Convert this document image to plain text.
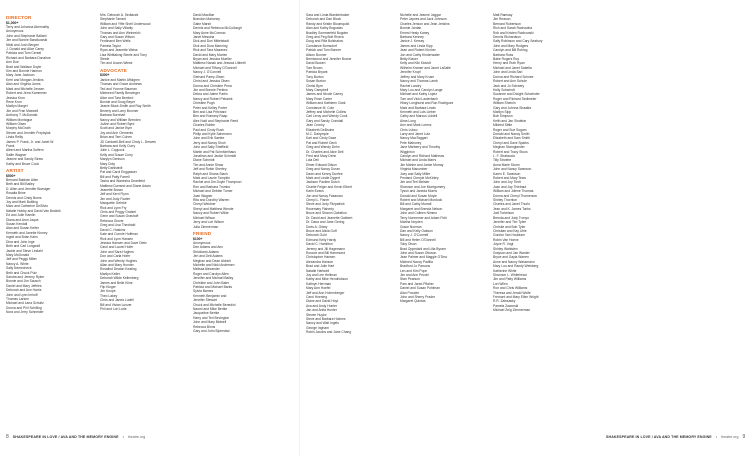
DIRECTOR
$1,000+
Terry and Johanna Abernathy
Anonymous
John and Stephanie Ballard
Jim and Bonnie Bandkowski
Nikki and Josh Bergen
J. Donald and Alice Carey
Patricia and Tom Cereal
Richard and Barbara Donahue
Ann Doe
Brad and Wallace Doyle
Kim and Bonnie Harmon
Mary Jane Jackson
Kerri and Morgan Jenkins
Alan and Virginia Jones
Mark and Michelle Jensen
Robert and Jerra Kammeier
Jessica Kron
Rene Kron
Marilyn Margel
Jim and Fran Maxwell
Anthony T. McDonald
William Montague
William Olsen
Murphy McGrath
Steven and Jennifer Przybylak
Linda Reilly
James P. Frank, Jr. and Janet W.
Frank
Albert and Martha Suffern
Sallie Wagner
Jeanne and Sandy Straw
Kathy and Bruce Cook
ARTIST
$500+
Bernard Baldwin Allen
Beth and Bill Bailey
D. Allen and Jennifer Boesiger
Rosalia Brine
Dennis and Cindy Burns
Joy and Mark Buttling
Marc and Catherine DeSilvio
Natalie Hobby and David Van Buskirk
Ed and Julie Hamlin
Diana and Aron Jaque
Susan Kendall
Alan and Susan Keifer
Kenneth and Janette Kinney
Ingrid and Brian Kahn
Dina and John Inge
Beth and Carl Longwell
Jackie and Steve Lindahl
Mary McDonald
Jeff and Peggy Miller
Nancy A. White
Sally Nemecheck
Beth and Chuck Pulz
Sandra and Jeremy Ryker
Bonnie and Jim Sausch
Daniel and Mary Jeffries
Deborah and Ann Harris
John and Lynn Imhoff
Thomas Larsen
Michael and Lana Schultz
Donna and Phil Schilling
Nora and Jerry Schneider
Mrs. Deborah A. Sedlacek
Stephanie Tarrant
William and Yffie Shell Underwood
John and Sally Villarily
Thomas and Ann Weinreich
Gary and Susan Wilson
Ferdinand Ben Wells
Pamela Taylor
Ryan and Jeanette Weiss
Lisa Whittaking Steele and Tony
Steele
Tim and Lisann Wiese
ADVOCATE
$300+
Janice and Martin Affolgren
Thomas and Grace Andrews
Ted and Yvonne Bauman
Midmeed Family Benzinger
Alice and Tara Benford
Bonnie and Doug Beyer
Jeanie Bluck-Smith and Ray Smith
Beverly and Larry Bronner
Barbara Burnhart
Nancy and William Brenden
JoAnn and Robert Byrd
Scott and Janice Byrn
Joy and Ann Clements
Brian and Terri Cohen
JD Cardwell-Bell and Cindy L. Drewek
Barbara and Kelly Curry
Julie L. Coppock
Kelly and Susan Curry
Marylyn Denison
Mary Doty
Betty Dahlstedt
Pat and Carol Enggasser
Bill and Patty Farrell
Tasha and Wanesha Deanfield
Matthew Durrand and Diane Adam
Jeanette Brown
Jeff and Kerri Flynn
Jim and Judy Fowler
Marquette Gehrke
Rick and Lynn Fry
Chris and Peggy Gratzel
Gene and Susan Grashoff
Rebecca Glover
Greg and Lisa Theobald
David C. Haskins
Kate and Connie Hoffman
Rick and Lynn Hansen
Jessica Hansen and Dave Dietz
Carol and Laurel Hofer
John and Sara Hughes
Don and Carla Hofer
John and Wendy Hughes
Allan and Mary Hunder
Rosalind Deaton Keating
Marilyn Keller
Deborah Wilde Kellenberg
James and Belle Kline
Flip Kluger
Jim Knope
Theo Lakey
Chris and Janea Ludell
Bill and Vivian Lunzer
Phil and Lori Lurie
David MacMar
Brandon Mahoney
Gabe Marsh
Dennis and Rebecca McCullough
Mary Anne McCormac
Janet Messina
Dick and Dori Mittelstadt
Dick and Dora Manning
Rick and Tara Mazanec
David and Mary Morten
Bryan and Jessica Mueller
Matthew Nanak and Jessica Libbrell
Michael and Tiffany O'Donnell
Nancy J. O'Connell
Gerhard Parey-Olsen
Christ and Jessica Olsen
Donna and Christine Pena
Jim and Bonnie Perkins
Debra and Jaime Partin
Nancy and Robert Pekarek
Christine Pugh
Peter and Kelley Porter
Ben and Lisa Pritchard
Ben and Romany Raap
Alex Nodi and Stephanie Reed
Charles Robbe
Paul and Cindy Rush
Philip and Kylie Sahrmann
John and Erik Saelee
Jerry and Nancy Shuh
John and Sally Sheffield
Martin and Pat Schnitzelhaus
Jonathan and Jackie Schmidt
Diane Schmidt
Tim and Annie Shaw
Jeff and Robin Sherfey
Ralph and Shana Stach
Mark and Laurie Tompkin
Rachel and Jim Doyle Thompson
Ron and Barbara Trumbo
Michael and Debbie Turner
Joan Wagner
Rita and Dorothy Warren
Cheryl Weidner
Sheryl and Matthew Wende
Nancy and Robert Wilde
Michael Wilson
Jerry and Lori Wilson
Julia Zimmerman
FRIEND
$100+
Anonymous
Dee Adams and Ann
Strickland-Adams
Jeri and Deb Adams
Meghan and Dean Aldrich
Michelle and Nicki Andersen
Melissa Alexander
Roger and Carolyn Allen
Jennifer and Michael Bailey
Christine and John Baier
Patricia and Michael Barks
Sylvia Barnes
Kenneth Benjamin and
Jennifer Stewart
Chuck and Michelle Benedict
Naomi and Mike Bertke
Jacqueline Bertke
Harry and Teri Bevington
John and Mary Bidwell
Rebecca Binns
Gary and John Bjornstad
8 SHAKESPEARE IN LOVE / AVA AND THE MEMORY ENGINE • theatre.org
Sara and Linda Blankenbaker
Deborah and Dan Block
Randy and Kristin Bloomquist
Alan and Kathy Boguslav
Bradley Sommerfeld Bogden
Greg and Peg Bolt Rivera
Doug and Rita Bolshakov
Constance Bomsdorf
Patrick and Tom Bonner
Alison Bonner
Brentwood and Jennifer Boone
David Bowen
Tom Brown
Patricia Bryant
Tony Burton
Susan Burton
Chelsi Byrn
Mary Campbell
James and Nicole Carrey
Mary Rose Carter
William and Kathleen Clark
Constance M. Cole
Jeffrey and Michelle Collins
Carl Leroy and Wendy Cook
Gary and Sandy Crandall
Jean Cronky
Elizabeth DeBruine
M.C. Dalrymple
Karl and Cindy Daze
Pat and Robert Dech
Greg and Wendy Dehn
Dr. Charles and Alice Dell
Fred and Mary Dehn
Lola Deli
Elmer Edward Dilson
Greg and Nancy Doran
Dawn and Kenny Dunfee
Mark and Leslie Dygert
Jackson Pauline Dutch
Charlie Felger and Kevin Elbert
Karin Evans
Jon and Nancy Fasanaro
Cheryl L. Fisher
Steve and Judy Fitzpatrick
Rosemary Flaherty
Bruce and Sharon Gabellon
Dr. David and Jeanette Gabbert
Dr. Dana and Jane Gering
Dorts A. Gitary
Bruce and Alicia Goff
Deborah Gold
Edmund Kelly Hardy
David C. Hamilton
Jeremy and Jill Hagemann
Roscoe and Bill Hammond
Christopher Hansen
Alexandra Hanson
Brad and Julie Hart
Natalie Hartwell
Joy and Lee Heilman
Kathy and Mike Hendrickson
Kathryn Herrman
Mary Ann Hoefel
Jeff and Ann Hohenberger
Carol Hoening
Diane and David Hoyt
Ava and Andy Hunter
Jan and Anita Hunter
Steven Huyke
Steve and Barbara Holmes
Nancy and Walt Ingels
George Ingham
Robin Jacobs and Jane Chang
Nichelle and Jeanne Jaggar
Peter Jaynes and Jack Johnson
Charles Jenson and Jean Jenkins
Bonnie Jordan
Ernest Healy Kaney
Barbara Kenney
Janice J. Kersey
James and Linda Kipp
Jean and Robert Kircher
Jon and Cathy Kinderwater
Betty Klauer
Kelly and Kiki Klotzdt
Wilhelm Kramer and Janet LaSalle
Jennifer Kropf
Jeffrey and Mary Kruse
Nancy and Thomas Lamb
Rachel Landry
Mary Lou and Carolyn Lange
Michael and Kathy Lopez
Tom and Vicki Lauterbach
Hilary Longhurst and Ron Rodriguez
Mark and Barbara Lewis
Kenneth and Lois Lieber
Cathy and Marcus Liddell
Alma Long
Ann and Mark Lorenz
Chris Lukso
Larry and Janet Lutz
Nancy MacTaggart
Pete Mahoney
Jane Marberry and Timothy
Wigginton
Carolyn and Richard Mathews
Michael and Linda Marrs
Jim Mahler and Jamie Murray
Virginia Macomber
Joey and Sally Miller
Penland Cheryle McKinley
Jim and Teri Meister
Shannon and Joe Montgomery
Tyson and Janeda Morris
Donald and Susan Moyle
Robert and Michael Murdock
Bill and Cathy Murrall
Margaret and Brenda Nelson
John and Colleen Nimmo
Terry Nonnemer and Adam Pohl
Martha Noyden
Grace Norman
Dan and Kelly Oakson
Nancy J. O'Connell
Bill and Helen O'Donnell
Toby Olson
Brad Oppedahl and Lilia Byram
John and Susan Ottoson
Jean Palmer and Maggie O'Dea
Midmed Nancy Padilla
Bradford Jo Parsons
Len and Kim Pope
Jim and Ann Pecchi
Stan Pearson
Pam and Jared Pflaher
Daniel and Susan Pohlman
Alan Prouder
John and Sherry Prader
Margaret Quintas
Matt Ramsay
Jim Reason
Bernard Robertson
Rich and Sarah Rachowka
Rob and Kristen Rachowski
Dennis Richardson
Sally Robinson and Cary Seabury
John and Mary Rodgers
Carolyn and Bill Rohlog
Barbara Ross
Babe Rogers Roy
Henry and Ruth Ryan
Michael and Janet Sabella
John and Linda Sari
Donna and Richard Schnee
Robert and Ann Schule
Jack and Jo Schwery
Holly Schwindt
Suzanne and Dwight Schwinder
Roger and Richard Sedlmeier
William Sheinin
Gary and Johnna Shaakla
Marilyn Sipp
Bob Simpson
Keith and Jan Sindelar
Mildred Sittle
Roger and Sue Sogam
Donald and Nancy Smith
Elizabeth and Sam Smith
Cheryl and Dave Sparks
Meghan Starnglander
Robert and Tracy Stoos
L. F. Strafaccia
Tilly Stroebe
Anna Marie Sturm
John and Nancy Swanson
Karen E. Swanson
Robert and Mary Tews
John and Joy Tiedt
Joan and Jay Thiebaut
William and Jolene Thomas
Donna and Cheryl Thomerson
Shirley Thornton
Charles and Janet Thurlo
Jean and K. James Tonks
Jodi Torkelson
Brenda and Judy Tronyo
Jennifer and Tim Tylee
Christie and Bob Tyler
Christian and Kay Uhle
Gordon Van Houtdam
Robin Van Hoeve
Joyce R. Vogt
Shirley Wahlsten
Grayson and Jan Warder
Bryce and Gayla Warren
Anne and Nancy Wassmann
Mary Lou and Randy Weisberg
Katherine White
Shannon L. Whitehead
Jim and Patty Williams
Lori Wilen
Ron and Chris Williams
Theresa and Jerald Wolfe
Fremont and Mary Ellen Wright
R.R. Zalesasky
Pamela Zaworski
Michael Zeig Zimmerman
9
theatre.org
•
SHAKESPEARE IN LOVE / AVA AND THE MEMORY ENGINE
